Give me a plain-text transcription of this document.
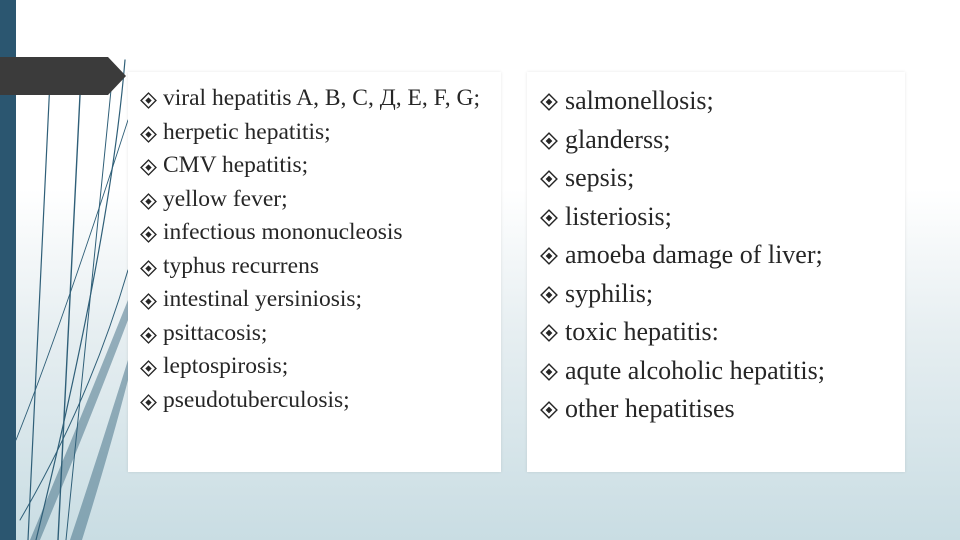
viral hepatitis A, B, C, Д, E, F, G;
herpetic hepatitis;
CMV hepatitis;
yellow fever;
infectious mononucleosis
typhus recurrens
intestinal yersiniosis;
psittacosis;
leptospirosis;
pseudotuberculosis;
salmonellosis;
glanderss;
sepsis;
listeriosis;
amoeba damage of liver;
syphilis;
toxic hepatitis:
aqute alcoholic hepatitis;
other hepatitises
